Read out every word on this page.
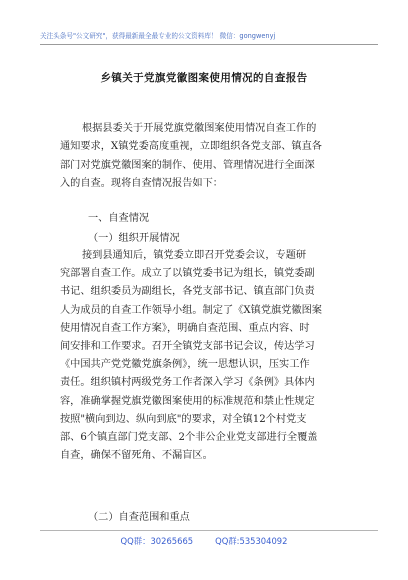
关注头条号"公文研究"，获得最新最全最专业的公文资料库！ 微信：gongwenyj
乡镇关于党旗党徽图案使用情况的自查报告
根据县委关于开展党旗党徽图案使用情况自查工作的
通知要求，X镇党委高度重视，立即组织各党支部、镇直各
部门对党旗党徽图案的制作、使用、管理情况进行全面深
入的自查。现将自查情况报告如下：
一、自查情况
（一）组织开展情况
接到县通知后，镇党委立即召开党委会议，专题研
究部署自查工作。成立了以镇党委书记为组长，镇党委副
书记、组织委员为副组长，各党支部书记、镇直部门负责
人为成员的自查工作领导小组。制定了《X镇党旗党徽图案
使用情况自查工作方案》，明确自查范围、重点内容、时
间安排和工作要求。召开全镇党支部书记会议，传达学习
《中国共产党党徽党旗条例》，统一思想认识，压实工作
责任。组织镇村两级党务工作者深入学习《条例》具体内
容，准确掌握党旗党徽图案使用的标准规范和禁止性规定
按照"横向到边、纵向到底"的要求，对全镇12个村党支
部、6个镇直部门党支部、2个非公企业党支部进行全覆盖
自查，确保不留死角、不漏盲区。
（二）自查范围和重点
QQ群：30265665	QQ群:535304092
